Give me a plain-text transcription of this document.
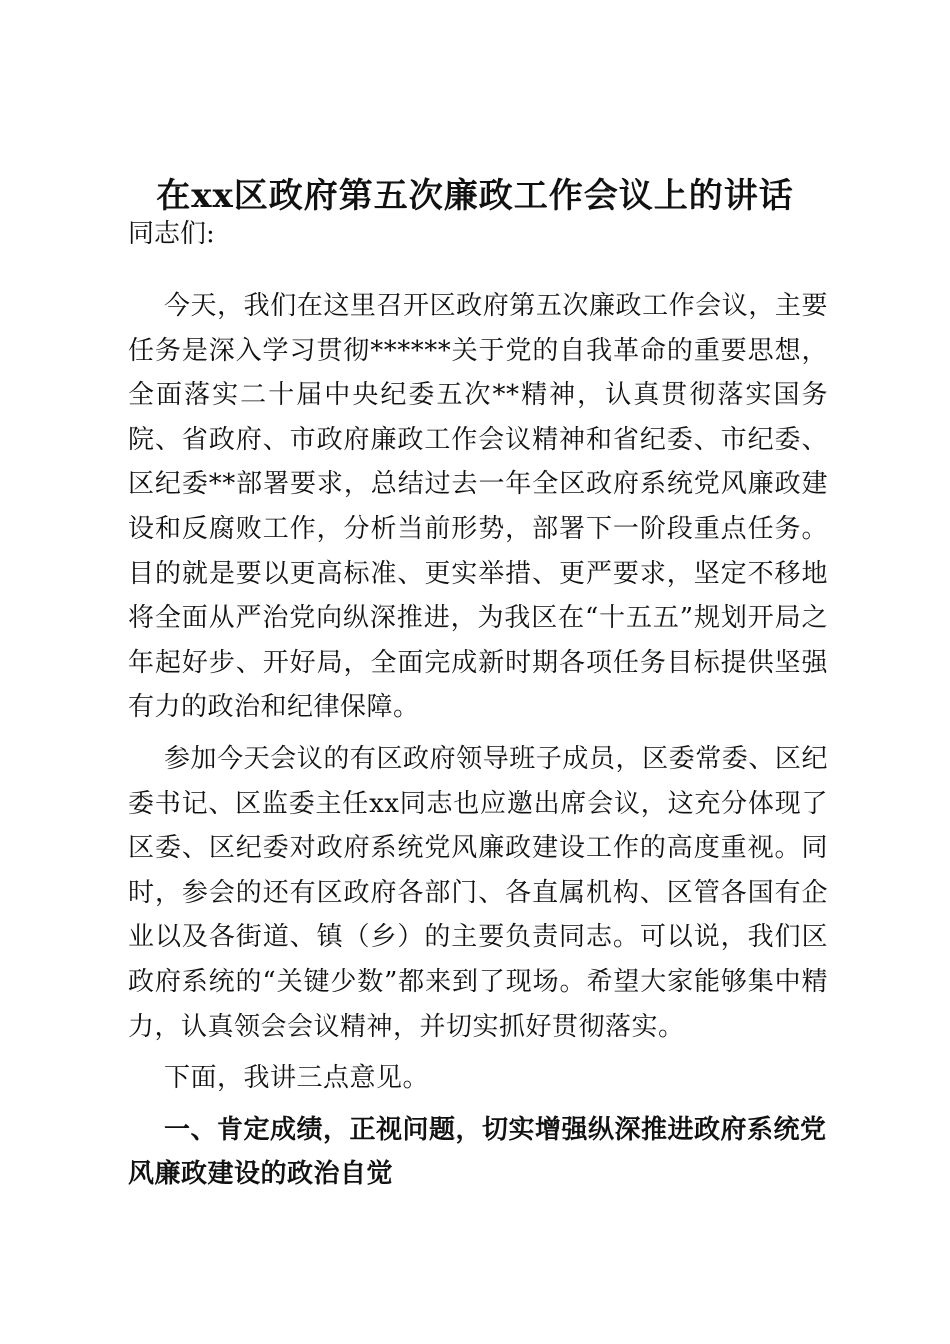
在xx区政府第五次廉政工作会议上的讲话

同志们:

今天，我们在这里召开区政府第五次廉政工作会议，主要任务是深入学习贯彻******关于党的自我革命的重要思想，全面落实二十届中央纪委五次**精神，认真贯彻落实国务院、省政府、市政府廉政工作会议精神和省纪委、市纪委、区纪委**部署要求，总结过去一年全区政府系统党风廉政建设和反腐败工作，分析当前形势，部署下一阶段重点任务。目的就是要以更高标准、更实举措、更严要求，坚定不移地将全面从严治党向纵深推进，为我区在“十五五”规划开局之年起好步、开好局，全面完成新时期各项任务目标提供坚强有力的政治和纪律保障。

参加今天会议的有区政府领导班子成员，区委常委、区纪委书记、区监委主任xx同志也应邀出席会议，这充分体现了区委、区纪委对政府系统党风廉政建设工作的高度重视。同时，参会的还有区政府各部门、各直属机构、区管各国有企业以及各街道、镇（乡）的主要负责同志。可以说，我们区政府系统的“关键少数”都来到了现场。希望大家能够集中精力，认真领会会议精神，并切实抓好贯彻落实。

下面，我讲三点意见。

一、肯定成绩，正视问题，切实增强纵深推进政府系统党风廉政建设的政治自觉
